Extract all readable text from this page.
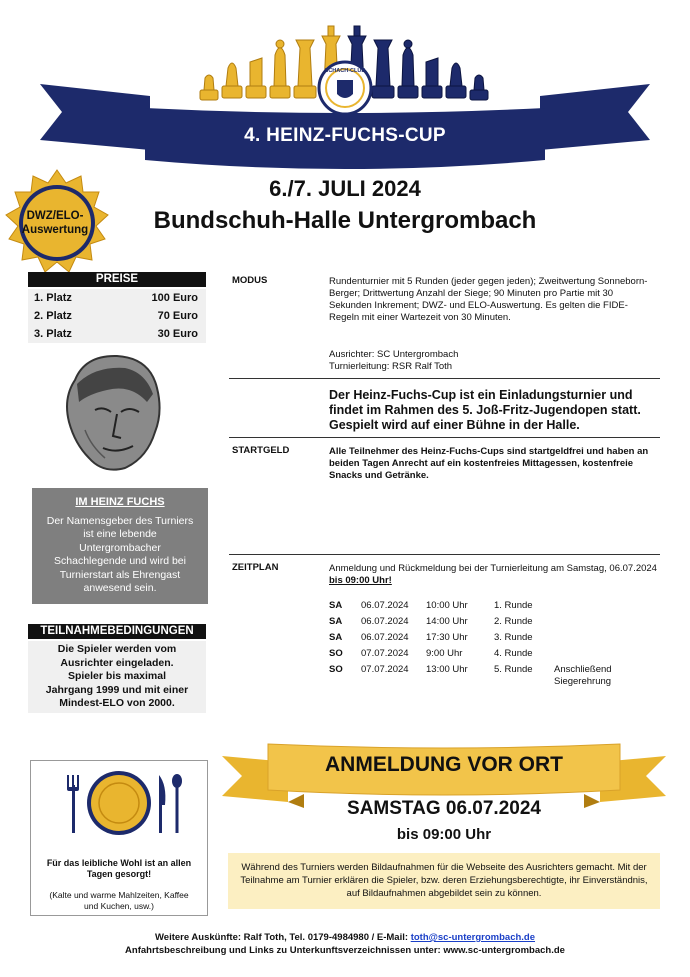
SCHACH-CLUB
4. HEINZ-FUCHS-CUP
6./7. JULI 2024
Bundschuh-Halle Untergrombach
DWZ/ELO-
Auswertung
PREISE
1. Platz	100 Euro
2. Platz	70 Euro
3. Platz	30 Euro
IM HEINZ FUCHS
Der Namensgeber des Turniers ist eine lebende Untergrombacher Schachlegende und wird bei Turnierstart als Ehrengast anwesend sein.
TEILNAHMEBEDINGUNGEN
Die Spieler werden vom Ausrichter eingeladen. Spieler bis maximal Jahrgang 1999 und mit einer Mindest-ELO von 2000.
Für das leibliche Wohl ist an allen Tagen gesorgt!
(Kalte und warme Mahlzeiten, Kaffee und Kuchen, usw.)
MODUS	Rundenturnier mit 5 Runden (jeder gegen jeden); Zweitwertung Sonneborn-Berger; Drittwertung Anzahl der Siege; 90 Minuten pro Partie mit 30 Sekunden Inkrement; DWZ- und ELO-Auswertung. Es gelten die FIDE-Regeln mit einer Wartezeit von 30 Minuten.
Ausrichter: SC Untergrombach
Turnierleitung: RSR Ralf Toth
Der Heinz-Fuchs-Cup ist ein Einladungsturnier und findet im Rahmen des 5. Joß-Fritz-Jugendopen statt. Gespielt wird auf einer Bühne in der Halle.
STARTGELD	Alle Teilnehmer des Heinz-Fuchs-Cups sind startgeldfrei und haben an beiden Tagen Anrecht auf ein kostenfreies Mittagessen, kostenfreie Snacks und Getränke.
ZEITPLAN	Anmeldung und Rückmeldung bei der Turnierleitung am Samstag, 06.07.2024 bis 09:00 Uhr!
SA	06.07.2024	10:00 Uhr	1. Runde	
SA	06.07.2024	14:00 Uhr	2. Runde	
SA	06.07.2024	17:30 Uhr	3. Runde	
SO	07.07.2024	9:00 Uhr	4. Runde	
SO	07.07.2024	13:00 Uhr	5. Runde	Anschließend Siegerehrung
ANMELDUNG VOR ORT
SAMSTAG 06.07.2024
bis 09:00 Uhr
Während des Turniers werden Bildaufnahmen für die Webseite des Ausrichters gemacht. Mit der Teilnahme am Turnier erklären die Spieler, bzw. deren Erziehungsberechtigte, ihr Einverständnis, auf Bildaufnahmen abgebildet sein zu können.
Weitere Auskünfte: Ralf Toth, Tel. 0179-4984980 / E-Mail: toth@sc-untergrombach.de
Anfahrtsbeschreibung und Links zu Unterkunftsverzeichnissen unter: www.sc-untergrombach.de
